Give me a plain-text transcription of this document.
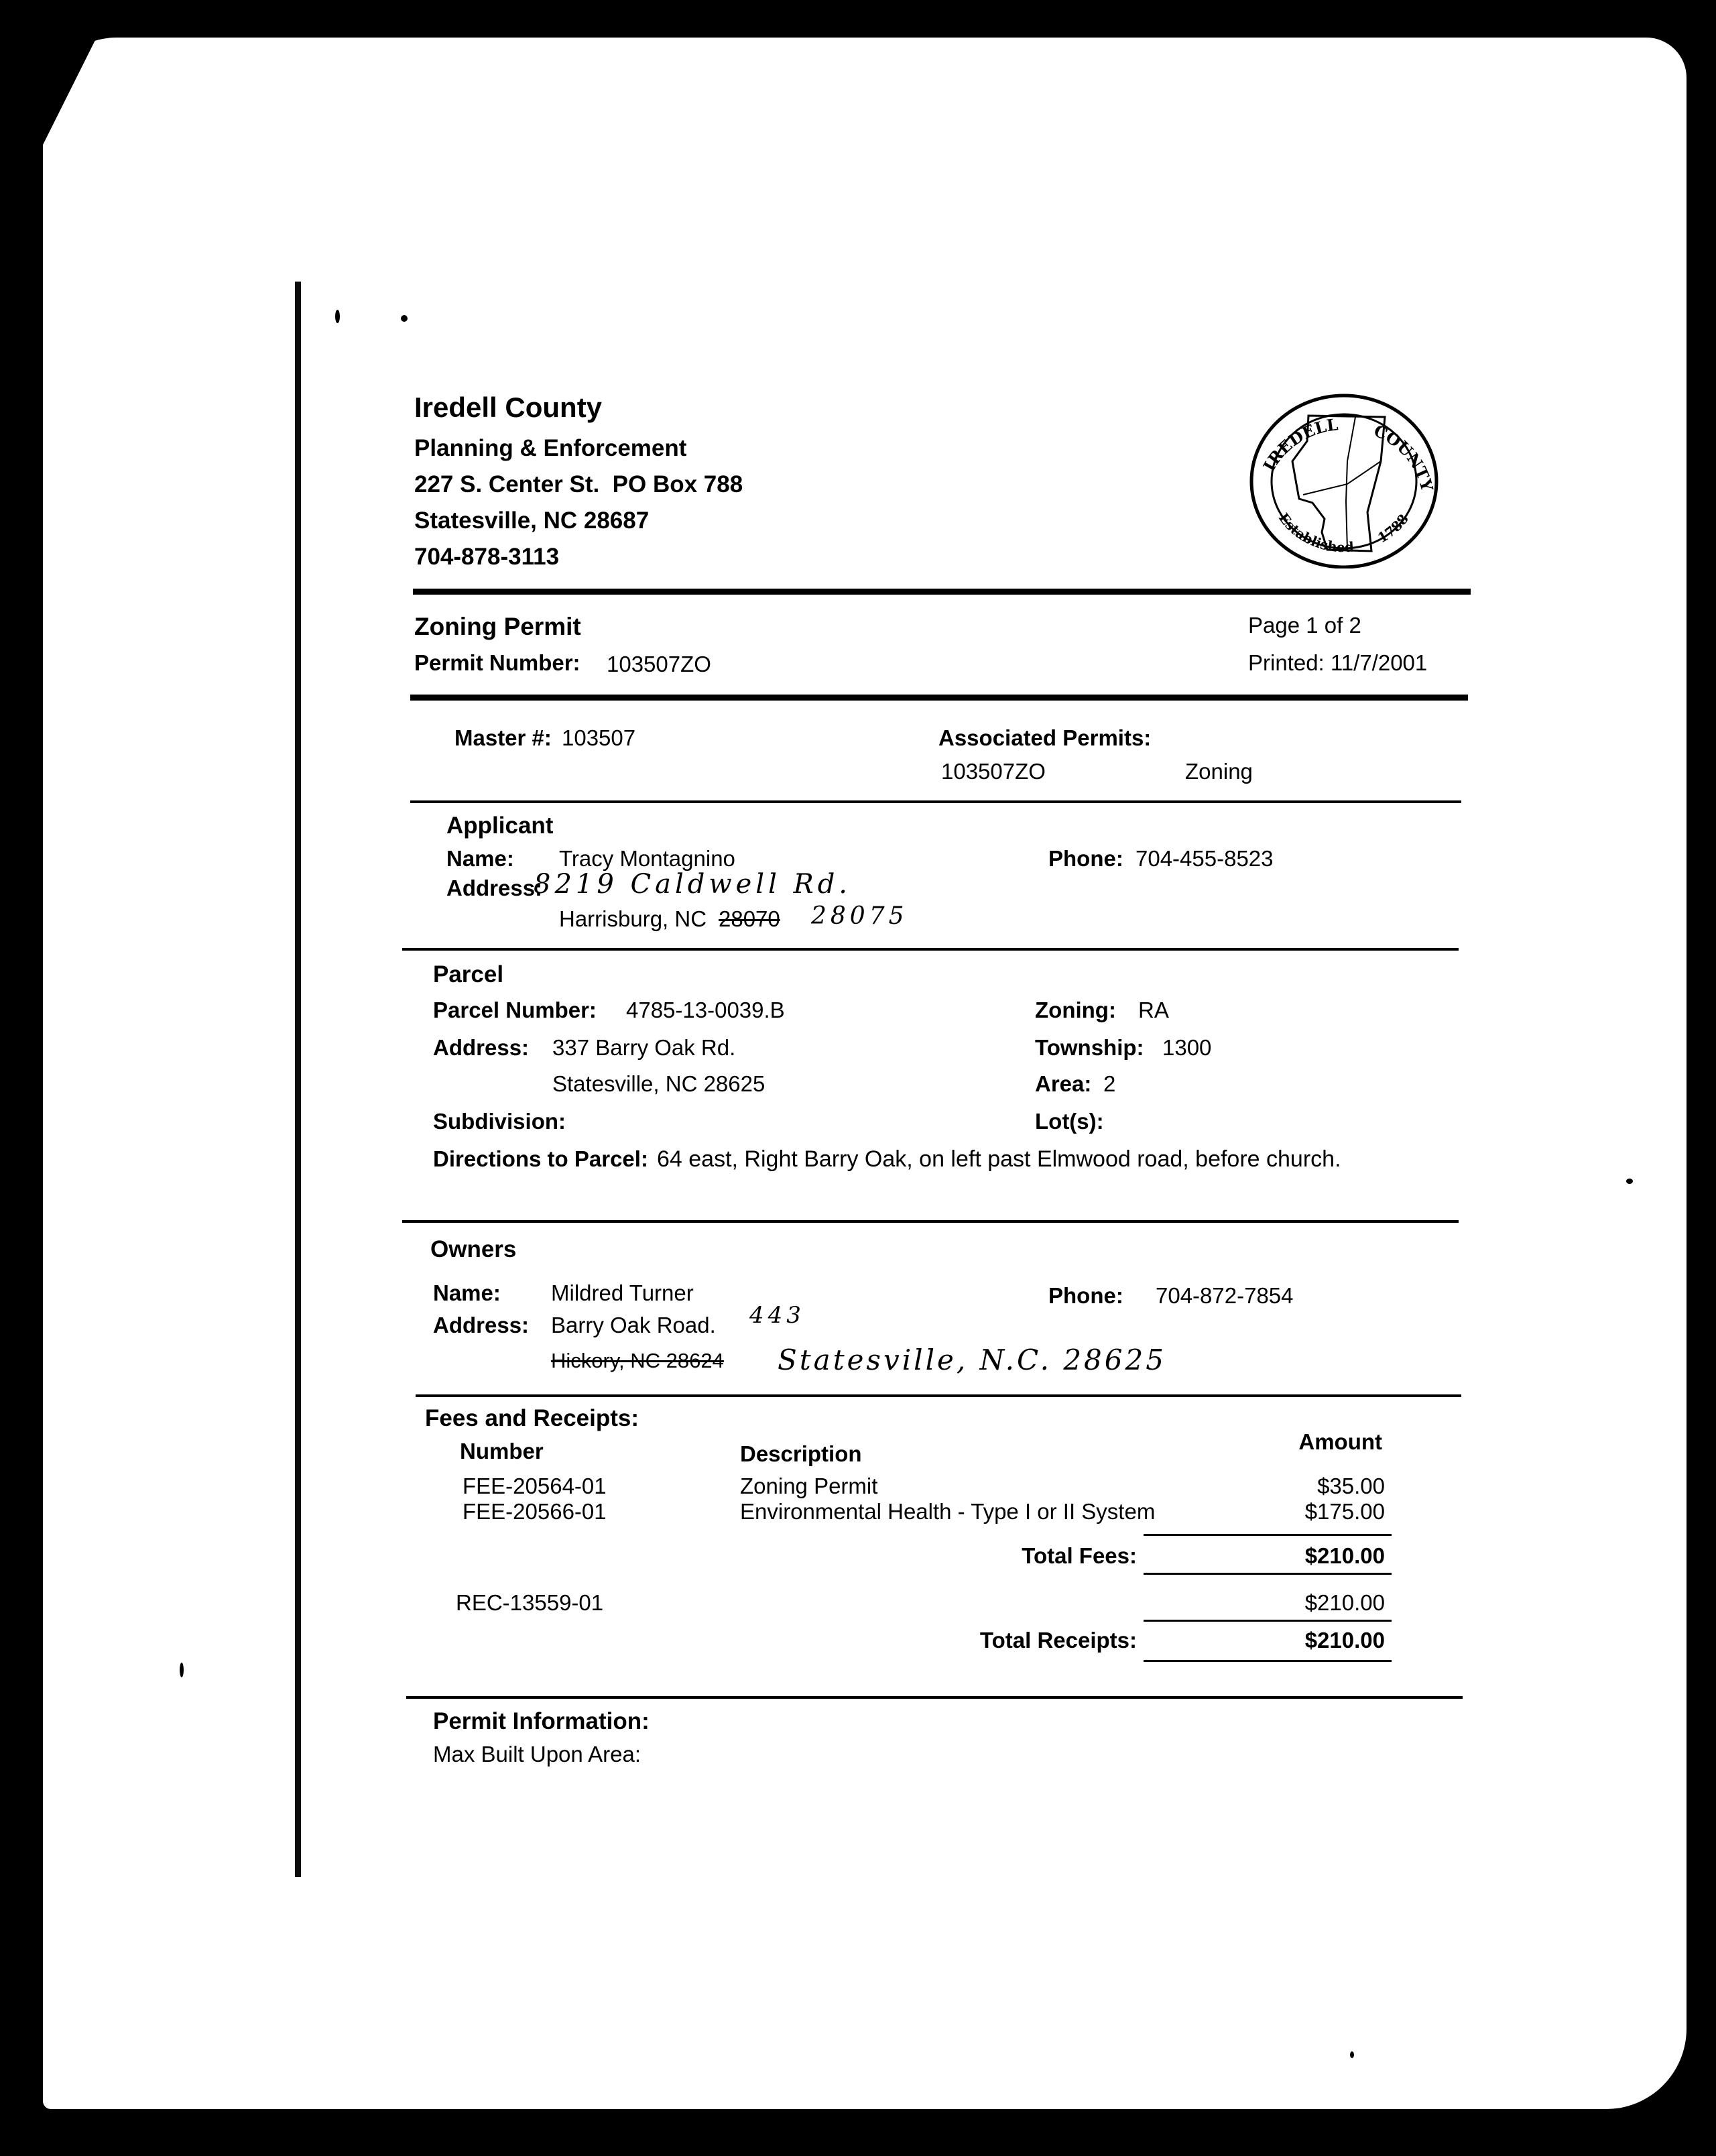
Iredell County
Planning & Enforcement
227 S. Center St.  PO Box 788
Statesville, NC 28687
704-878-3113
IREDELL COUNTY
Established
1788
Zoning Permit
Permit Number: 103507ZO
Page 1 of 2
Printed: 11/7/2001
Master #: 103507	Associated Permits:
103507ZO	Zoning
Applicant
Name: Tracy Montagnino	Phone: 704-455-8523
Address:
8219 Caldwell Rd.
Harrisburg, NC 28070 28075
Parcel
Parcel Number: 4785-13-0039.B	Zoning: RA
Address: 337 Barry Oak Rd.	Township: 1300
Statesville, NC 28625	Area: 2
Subdivision:	Lot(s):
Directions to Parcel: 64 east, Right Barry Oak, on left past Elmwood road, before church.
Owners
Name: Mildred Turner	Phone: 704-872-7854
Address: Barry Oak Road. 443
Hickory, NC 28624 Statesville, N.C. 28625
Fees and Receipts:
Number	Description	Amount
FEE-20564-01	Zoning Permit	$35.00
FEE-20566-01	Environmental Health - Type I or II System	$175.00
Total Fees:	$210.00
REC-13559-01	$210.00
Total Receipts:	$210.00
Permit Information:
Max Built Upon Area:
